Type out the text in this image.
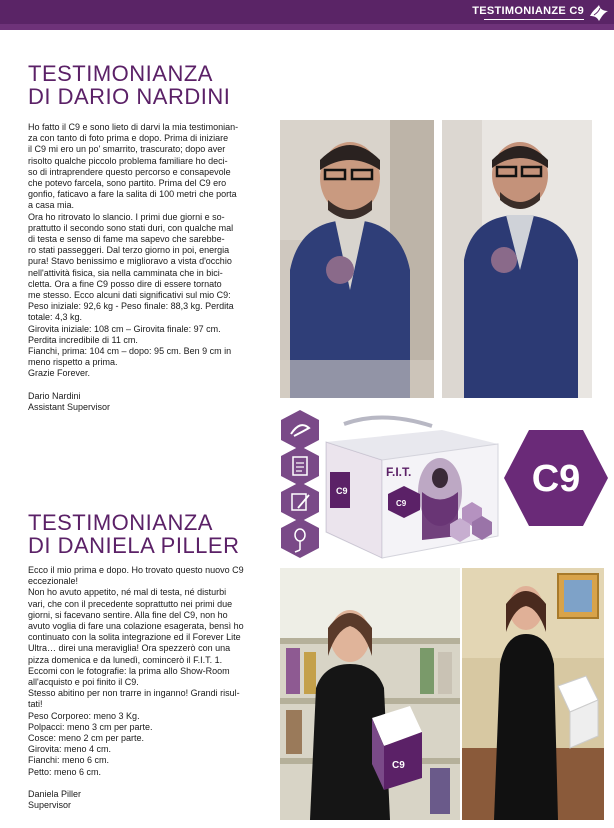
TESTIMONIANZE C9
TESTIMONIANZA
DI DARIO NARDINI

Ho fatto il C9 e sono lieto di darvi la mia testimonian-

za con tanto di foto prima e dopo. Prima di iniziare

il C9 mi ero un po' smarrito, trascurato; dopo aver

risolto qualche piccolo problema familiare ho deci-

so di intraprendere questo percorso e consapevole

che potevo farcela, sono partito. Prima del C9 ero

gonfio, faticavo a fare la salita di 100 metri che porta

a casa mia.

Ora ho ritrovato lo slancio. I primi due giorni e so-

prattutto il secondo sono stati duri, con qualche mal

di testa e senso di fame ma sapevo che sarebbe-

ro stati passeggeri. Dal terzo giorno in poi, energia

pura! Stavo benissimo e miglioravo a vista d'occhio

nell'attività fisica, sia nella camminata che in bici-

cletta. Ora a fine C9 posso dire di essere tornato

me stesso. Ecco alcuni dati significativi sul mio C9:

Peso iniziale: 92,6 kg - Peso finale: 88,3 kg. Perdita

totale: 4,3 kg.

Girovita iniziale: 108 cm – Girovita finale: 97 cm.

Perdita incredibile di 11 cm.

Fianchi, prima: 104 cm – dopo: 95 cm. Ben 9 cm in

meno rispetto a prima.

Grazie Forever.

Dario Nardini

Assistant Supervisor

C9
F.I.T.
C9
C9
TESTIMONIANZA
DI DANIELA PILLER

Ecco il mio prima e dopo. Ho trovato questo nuovo C9

eccezionale!

Non ho avuto appetito, né mal di testa, né disturbi

vari, che con il precedente soprattutto nei primi due

giorni, si facevano sentire. Alla fine del C9, non ho

avuto voglia di fare una colazione esagerata, bensì ho

continuato con la solita integrazione ed il Forever Lite

Ultra… direi una meraviglia! Ora spezzerò con una

pizza domenica e da lunedì, comincerò il F.I.T. 1.

Eccomi con le fotografie: la prima allo Show-Room

all'acquisto e poi finito il C9.

Stesso abitino per non trarre in inganno! Grandi risul-

tati!

Peso Corporeo: meno 3 Kg.

Polpacci: meno 3 cm per parte.

Cosce: meno 2 cm per parte.

Girovita: meno 4 cm.

Fianchi: meno 6 cm.

Petto: meno 6 cm.

Daniela Piller

Supervisor

C9
